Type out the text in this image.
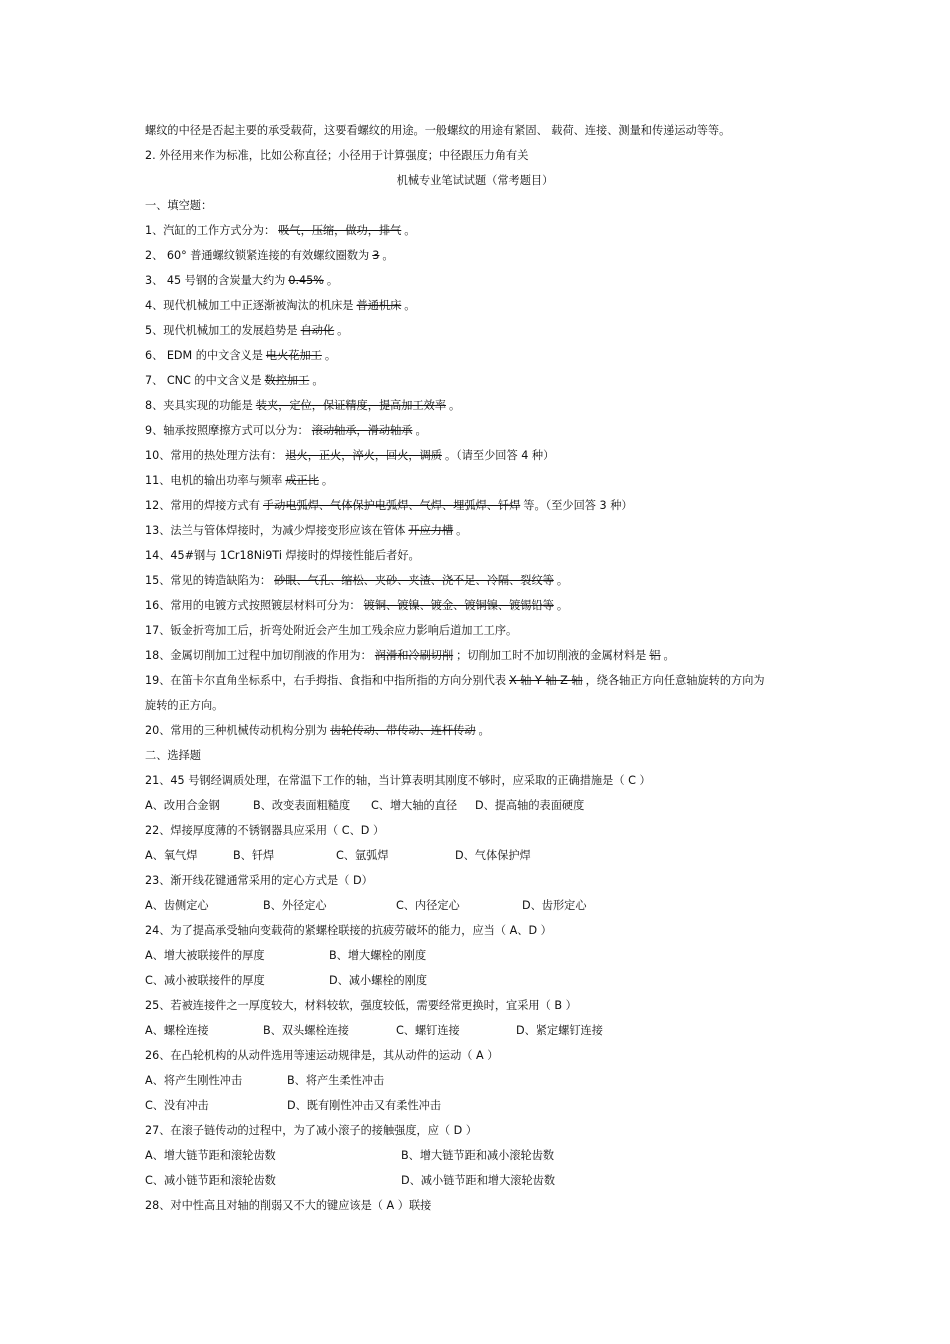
螺纹的中径是否起主要的承受载荷，这要看螺纹的用途。一般螺纹的用途有紧固、 载荷、连接、测量和传递运动等等。
2. 外径用来作为标准，比如公称直径；小径用于计算强度；中径跟压力角有关
机械专业笔试试题（常考题目）
一、填空题：
1、汽缸的工作方式分为： 吸气，压缩，做功，排气 。
2、 60° 普通螺纹锁紧连接的有效螺纹圈数为 3 。
3、 45 号钢的含炭量大约为 0.45% 。
4、现代机械加工中正逐渐被淘汰的机床是 普通机床 。
5、现代机械加工的发展趋势是 自动化 。
6、 EDM 的中文含义是 电火花加工 。
7、 CNC 的中文含义是 数控加工 。
8、夹具实现的功能是 装夹，定位，保证精度，提高加工效率 。
9、轴承按照摩擦方式可以分为： 滚动轴承，滑动轴承 。
10、常用的热处理方法有： 退火，正火，淬火，回火，调质 。（请至少回答 4 种）
11、电机的输出功率与频率 成正比 。
12、常用的焊接方式有 手动电弧焊、气体保护电弧焊、气焊、埋弧焊、钎焊 等。（至少回答 3 种）
13、法兰与管体焊接时，为减少焊接变形应该在管体 开应力槽 。
14、45#钢与 1Cr18Ni9Ti 焊接时的焊接性能后者好。
15、常见的铸造缺陷为： 砂眼、气孔、缩松、夹砂、夹渣、浇不足、冷隔、裂纹等 。
16、常用的电镀方式按照镀层材料可分为： 镀铜、镀镍、镀金、镀铜镍、镀锡铅等 。
17、钣金折弯加工后，折弯处附近会产生加工残余应力影响后道加工工序。
18、金属切削加工过程中加切削液的作用为： 润滑和冷刷切削 ；切削加工时不加切削液的金属材料是 铝 。
19、在笛卡尔直角坐标系中，右手拇指、食指和中指所指的方向分别代表 X 轴 Y 轴 Z 轴 ，绕各轴正方向任意轴旋转的方向为
旋转的正方向。
20、常用的三种机械传动机构分别为 齿轮传动、带传动、连杆传动 。
二、选择题
21、45 号钢经调质处理，在常温下工作的轴，当计算表明其刚度不够时，应采取的正确措施是（ C ）
A、改用合金钢	B、改变表面粗糙度 C、增大轴的直径 D、提高轴的表面硬度
22、焊接厚度薄的不锈钢器具应采用（ C、D ）
A、氧气焊	B、钎焊	C、氩弧焊	D、气体保护焊
23、渐开线花键通常采用的定心方式是（ D）
A、齿侧定心	B、外径定心	C、内径定心	D、齿形定心
24、为了提高承受轴向变载荷的紧螺栓联接的抗疲劳破坏的能力，应当（ A、D ）
A、增大被联接件的厚度	B、增大螺栓的刚度
C、减小被联接件的厚度	D、减小螺栓的刚度
25、若被连接件之一厚度较大，材料较软，强度较低，需要经常更换时，宜采用（ B ）
A、螺栓连接	B、双头螺栓连接	C、螺钉连接	D、紧定螺钉连接
26、在凸轮机构的从动件选用等速运动规律是，其从动件的运动（ A ）
A、将产生刚性冲击	B、将产生柔性冲击
C、没有冲击	D、既有刚性冲击又有柔性冲击
27、在滚子链传动的过程中，为了减小滚子的接触强度，应（ D ）
A、增大链节距和滚轮齿数	B、增大链节距和减小滚轮齿数
C、减小链节距和滚轮齿数	D、减小链节距和增大滚轮齿数
28、对中性高且对轴的削弱又不大的键应该是（ A ）联接
